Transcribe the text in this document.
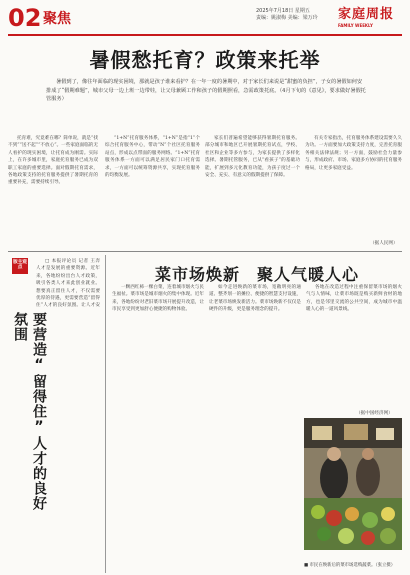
02 聚焦	2025年7月18日 星期五
责编：姚淑梅 美编：梁万玲 家庭周报
FAMILY WEEKLY
暑假愁托育？政策来托举
暑假到了，像往年面临的现实困境，那就是孩子谁来看护？在一年一度的暑期中，对于家长们来说是“甜蜜的负担”，子女的暑假如何安排成了“假期难题”，城市父母一边上班一边带娃，让父母兼顾工作和孩子的假期照看，急需政策托底。（4月下旬的《意见》，要求做好暑假托管服务）
托育难，究竟难在哪？简单说，就是“找不到”“送不起”“不放心”。一些家庭面临的无人看护的现实困境，让托育成为刚需。实际上，在许多城市里，家庭托育服务已成为双职工家庭的重要选择。面对假期托育需求，各地政策支持的托育服务提供了暑期托育的重要补充，需要持续引导。
“1+N”托育服务体系，“1+N”是指“1”个综合托育服务中心，带动“N”个社区托育服务站点，形成以点带面的服务网络。“1+N”托育服务体系一方面可以满足居民家门口托育需求，一方面可以统筹资源共享，实现托育服务的均衡发展。
家长们普遍希望能够获得暑期托育服务。部分城市和地区已开展暑期托育试点，学校、社区和企业等多方参与，为家长提供了多样化选择。暑期托管服务，已从“看孩子”的基础功能，扩展到多元化教育功能，为孩子度过一个安全、充实、有意义的假期提供了保障。
有关专家指出，托育服务体系建设需要久久为功。一方面要加大政策支持力度，完善托育服务相关法律法规；另一方面，鼓励社会力量参与，形成政府、市场、家庭多方协同的托育服务格局，让更多家庭受益。
（据人民网）
版主观点
□ 本报评论员 记者 王奔 人才是发展的重要资源。近年来，各地纷纷出台人才政策，吸引各类人才来此创业就业。想要真正留住人才，不仅需要优厚的待遇，更需要营造“留得住”人才的良好氛围。让人才安
要营造“留得住”人才的良好氛围
菜市场焕新　聚人气暖人心
一颗西红柿一棵白菜，连着城市烟火与民生福祉。菜市场是城市烟火的集中体现。近年来，各地纷纷对老旧菜市场开展提升改造，让市民享受到更加舒心便捷的购物体验。
如今走进焕新的菜市场，宽敞明亮的通道、整齐划一的摊位、便捷的智慧支付设施，让老菜市场焕发新活力。菜市场焕新不仅仅是硬件的升级，更是服务理念的提升。
各地在改造过程中注重保留菜市场的烟火气与人情味，让菜市场既是购买新鲜食材的地方，也是邻里交流的公共空间，成为城市中温暖人心的一道风景线。
（据中国经济网）
■ 市民在焕新后的菜市场选购蔬菜。（张立摄）
